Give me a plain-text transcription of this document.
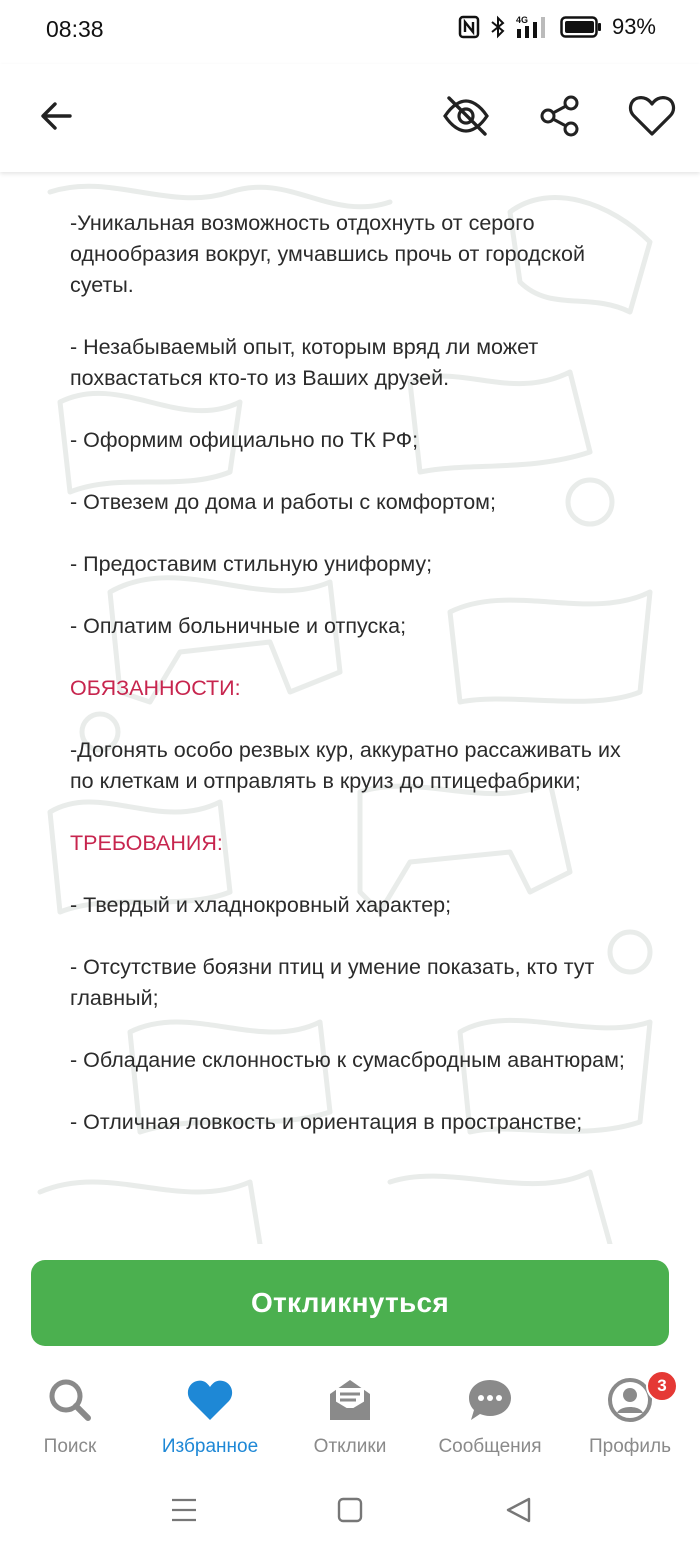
08:38	4G	93%

-Уникальная возможность отдохнуть от серого однообразия вокруг, умчавшись прочь от городской суеты.

- Незабываемый опыт, которым вряд ли может похвастаться кто-то из Ваших друзей.

- Оформим официально по ТК РФ;

- Отвезем до дома и работы с комфортом;

- Предоставим стильную униформу;

- Оплатим больничные и отпуска;

ОБЯЗАННОСТИ:

-Догонять особо резвых кур, аккуратно рассаживать их по клеткам и отправлять в круиз до птицефабрики;

ТРЕБОВАНИЯ:

- Твердый и хладнокровный характер;

- Отсутствие боязни птиц и умение показать, кто тут главный;

- Обладание склонностью к сумасбродным авантюрам;

- Отличная ловкость и ориентация в пространстве;

Откликнуться
Поиск	Избранное	Отклики	Сообщения
3
Профиль
